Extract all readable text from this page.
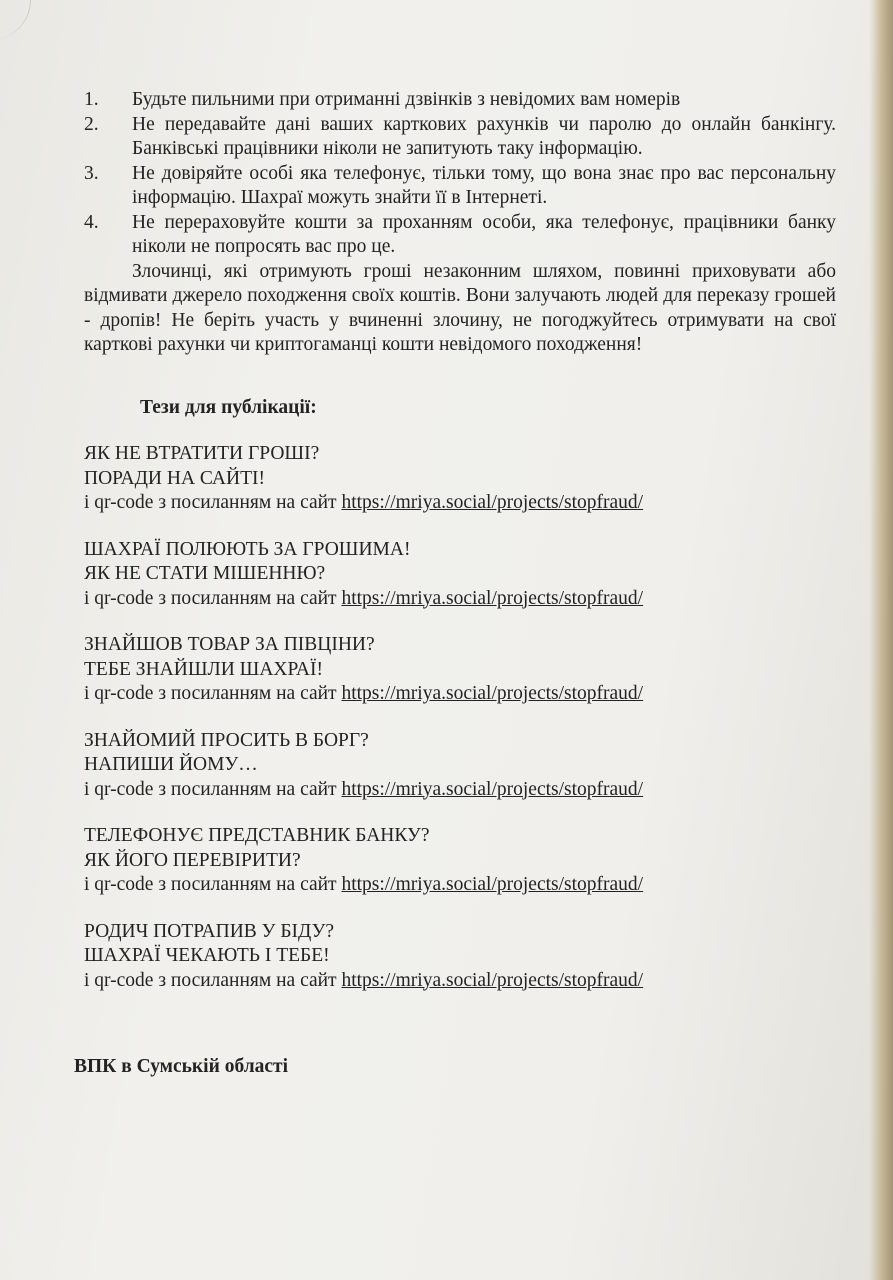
1.	Будьте пильними при отриманні дзвінків з невідомих вам номерів
2.	Не передавайте дані ваших карткових рахунків чи паролю до онлайн банкінгу. Банківські працівники ніколи не запитують таку інформацію.
3.	Не довіряйте особі яка телефонує, тільки тому, що вона знає про вас персональну інформацію. Шахраї можуть знайти її в Інтернеті.
4.	Не перераховуйте кошти за проханням особи, яка телефонує, працівники банку ніколи не попросять вас про це.
Злочинці, які отримують гроші незаконним шляхом, повинні приховувати або відмивати джерело походження своїх коштів. Вони залучають людей для переказу грошей - дропів! Не беріть участь у вчиненні злочину, не погоджуйтесь отримувати на свої карткові рахунки чи криптогаманці кошти невідомого походження!
Тези для публікації:
ЯК НЕ ВТРАТИТИ ГРОШІ?
ПОРАДИ НА САЙТІ!
і qr-code з посиланням на сайт https://mriya.social/projects/stopfraud/
ШАХРАЇ ПОЛЮЮТЬ ЗА ГРОШИМА!
ЯК НЕ СТАТИ МІШЕННЮ?
і qr-code з посиланням на сайт https://mriya.social/projects/stopfraud/
ЗНАЙШОВ ТОВАР ЗА ПІВЦІНИ?
ТЕБЕ ЗНАЙШЛИ ШАХРАЇ!
і qr-code з посиланням на сайт https://mriya.social/projects/stopfraud/
ЗНАЙОМИЙ ПРОСИТЬ В БОРГ?
НАПИШИ ЙОМУ…
і qr-code з посиланням на сайт https://mriya.social/projects/stopfraud/
ТЕЛЕФОНУЄ ПРЕДСТАВНИК БАНКУ?
ЯК ЙОГО ПЕРЕВІРИТИ?
і qr-code з посиланням на сайт https://mriya.social/projects/stopfraud/
РОДИЧ ПОТРАПИВ У БІДУ?
ШАХРАЇ ЧЕКАЮТЬ І ТЕБЕ!
і qr-code з посиланням на сайт https://mriya.social/projects/stopfraud/
ВПК в Сумській області
